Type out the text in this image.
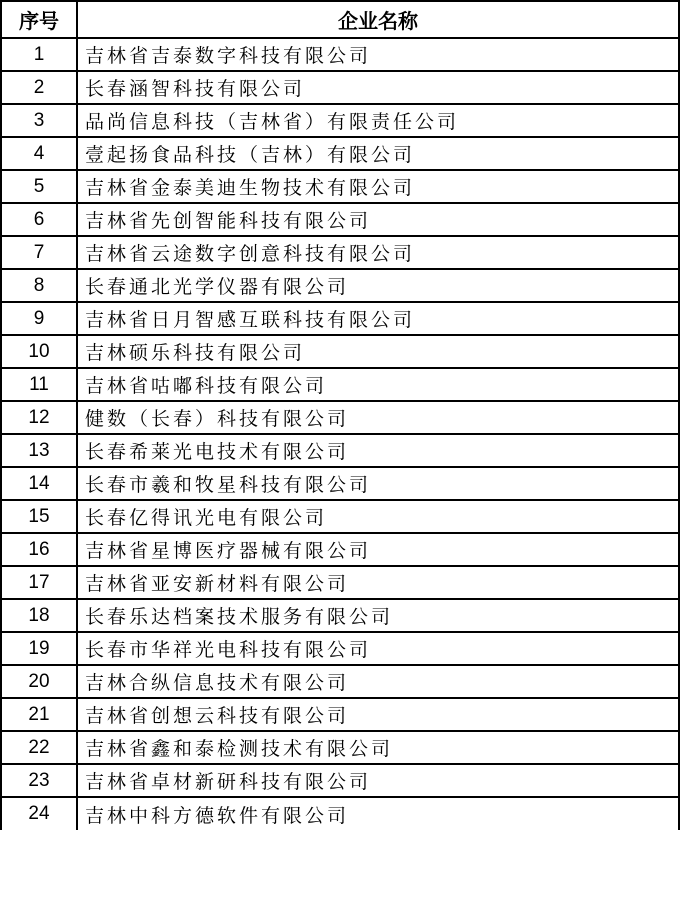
序号	企业名称
1	吉林省吉泰数字科技有限公司
2	长春涵智科技有限公司
3	品尚信息科技（吉林省）有限责任公司
4	壹起扬食品科技（吉林）有限公司
5	吉林省金泰美迪生物技术有限公司
6	吉林省先创智能科技有限公司
7	吉林省云途数字创意科技有限公司
8	长春通北光学仪器有限公司
9	吉林省日月智感互联科技有限公司
10	吉林硕乐科技有限公司
11	吉林省咕嘟科技有限公司
12	健数（长春）科技有限公司
13	长春希莱光电技术有限公司
14	长春市羲和牧星科技有限公司
15	长春亿得讯光电有限公司
16	吉林省星博医疗器械有限公司
17	吉林省亚安新材料有限公司
18	长春乐达档案技术服务有限公司
19	长春市华祥光电科技有限公司
20	吉林合纵信息技术有限公司
21	吉林省创想云科技有限公司
22	吉林省鑫和泰检测技术有限公司
23	吉林省卓材新研科技有限公司
24	吉林中科方德软件有限公司
